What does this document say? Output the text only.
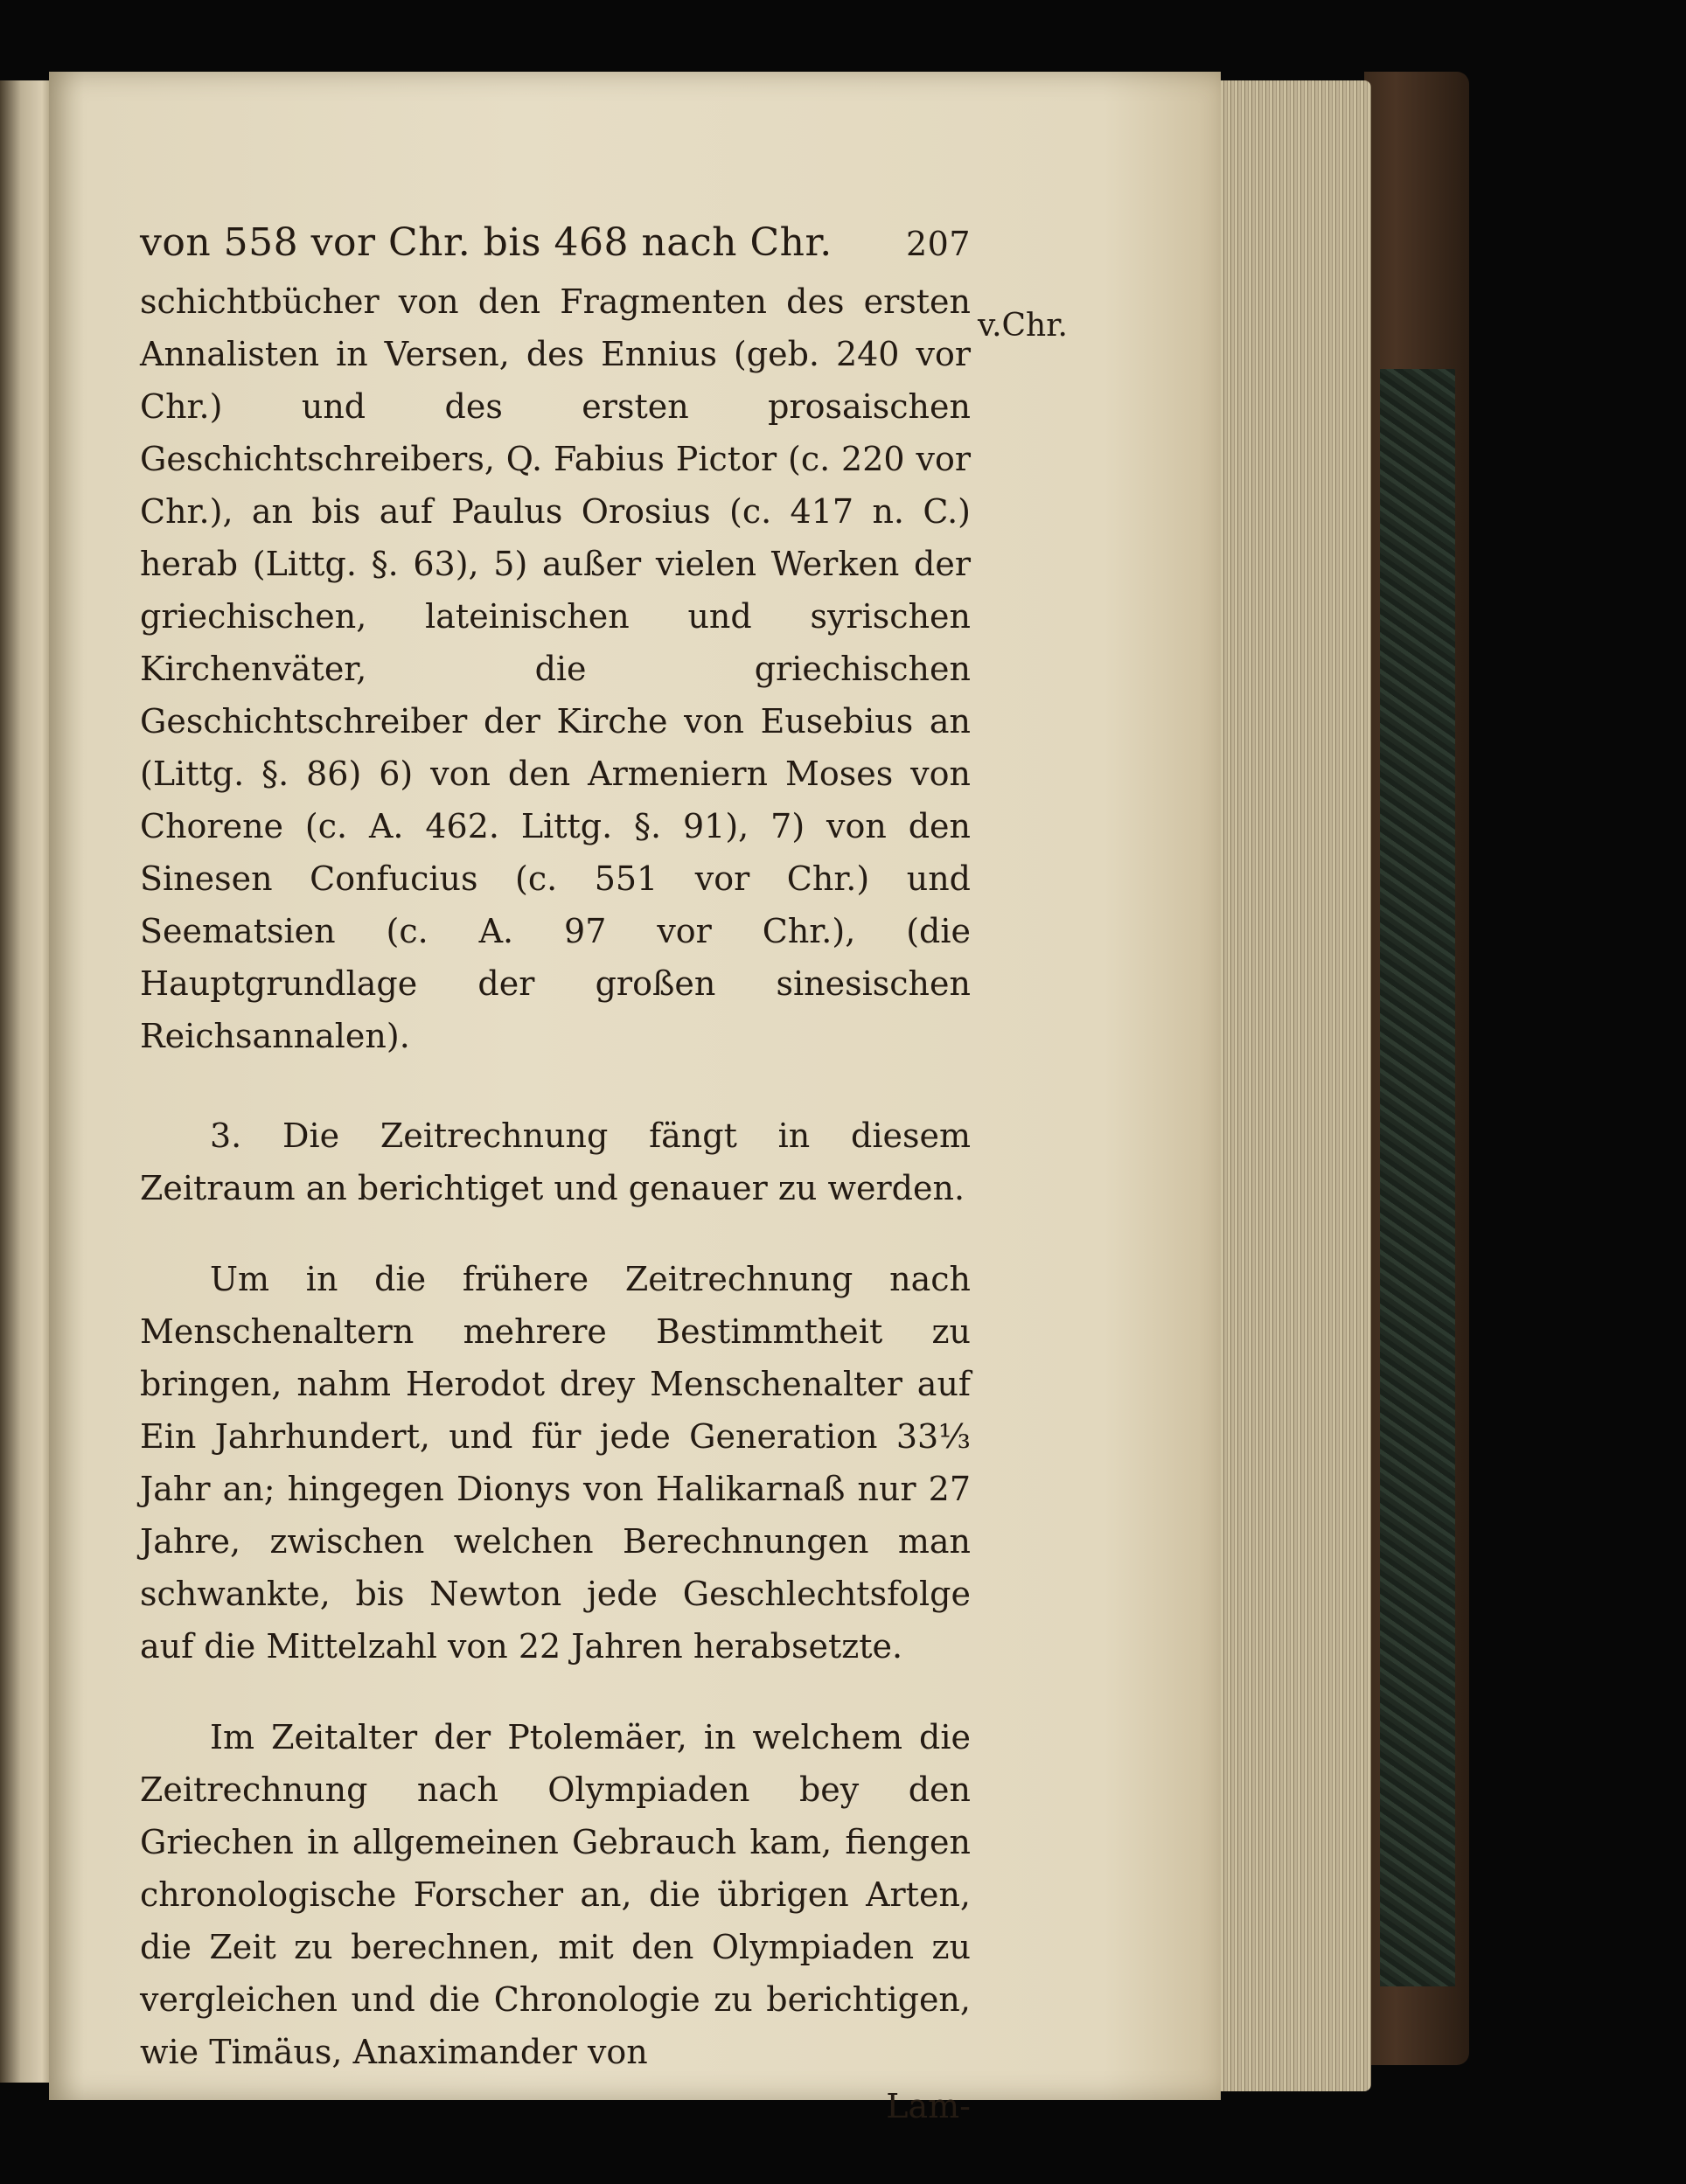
von 558 vor Chr. bis 468 nach Chr. 207

schichtbücher von den Fragmenten des ersten Annalisten in Versen, des Ennius (geb. 240 vor Chr.) und des ersten prosaischen Geschichtschreibers, Q. Fabius Pictor (c. 220 vor Chr.), an bis auf Paulus Orosius (c. 417 n. C.) herab (Littg. §. 63), 5) außer vielen Werken der griechischen, lateinischen und syrischen Kirchenväter, die griechischen Geschichtschreiber der Kirche von Eusebius an (Littg. §. 86) 6) von den Armeniern Moses von Chorene (c. A. 462. Littg. §. 91), 7) von den Sinesen Confucius (c. 551 vor Chr.) und Seematsien (c. A. 97 vor Chr.), (die Hauptgrundlage der großen sinesischen Reichsannalen).

3. Die Zeitrechnung fängt in diesem Zeitraum an berichtiget und genauer zu werden.

Um in die frühere Zeitrechnung nach Menschenaltern mehrere Bestimmtheit zu bringen, nahm Herodot drey Menschenalter auf Ein Jahrhundert, und für jede Generation 33⅓ Jahr an; hingegen Dionys von Halikarnaß nur 27 Jahre, zwischen welchen Berechnungen man schwankte, bis Newton jede Geschlechtsfolge auf die Mittelzahl von 22 Jahren herabsetzte.

Im Zeitalter der Ptolemäer, in welchem die Zeitrechnung nach Olympiaden bey den Griechen in allgemeinen Gebrauch kam, fiengen chronologische Forscher an, die übrigen Arten, die Zeit zu berechnen, mit den Olympiaden zu vergleichen und die Chronologie zu berichtigen, wie Timäus, Anaximander von

Lam-
v.Chr.
